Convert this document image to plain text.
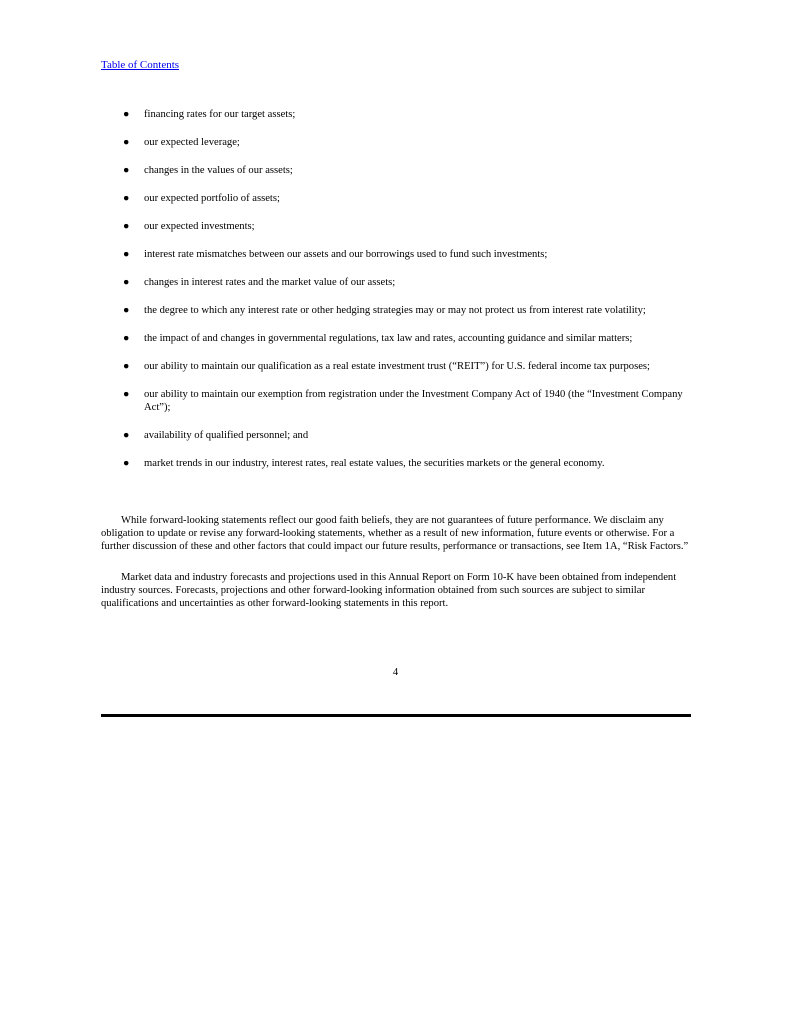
Table of Contents
● financing rates for our target assets;
● our expected leverage;
● changes in the values of our assets;
● our expected portfolio of assets;
● our expected investments;
● interest rate mismatches between our assets and our borrowings used to fund such investments;
● changes in interest rates and the market value of our assets;
● the degree to which any interest rate or other hedging strategies may or may not protect us from interest rate volatility;
● the impact of and changes in governmental regulations, tax law and rates, accounting guidance and similar matters;
● our ability to maintain our qualification as a real estate investment trust (“REIT”) for U.S. federal income tax purposes;
● our ability to maintain our exemption from registration under the Investment Company Act of 1940 (the “Investment Company Act”);
● availability of qualified personnel; and
● market trends in our industry, interest rates, real estate values, the securities markets or the general economy.

While forward-looking statements reflect our good faith beliefs, they are not guarantees of future performance. We disclaim any obligation to update or revise any forward-looking statements, whether as a result of new information, future events or otherwise. For a further discussion of these and other factors that could impact our future results, performance or transactions, see Item 1A, “Risk Factors.”

Market data and industry forecasts and projections used in this Annual Report on Form 10-K have been obtained from independent industry sources. Forecasts, projections and other forward-looking information obtained from such sources are subject to similar qualifications and uncertainties as other forward-looking statements in this report.

4
